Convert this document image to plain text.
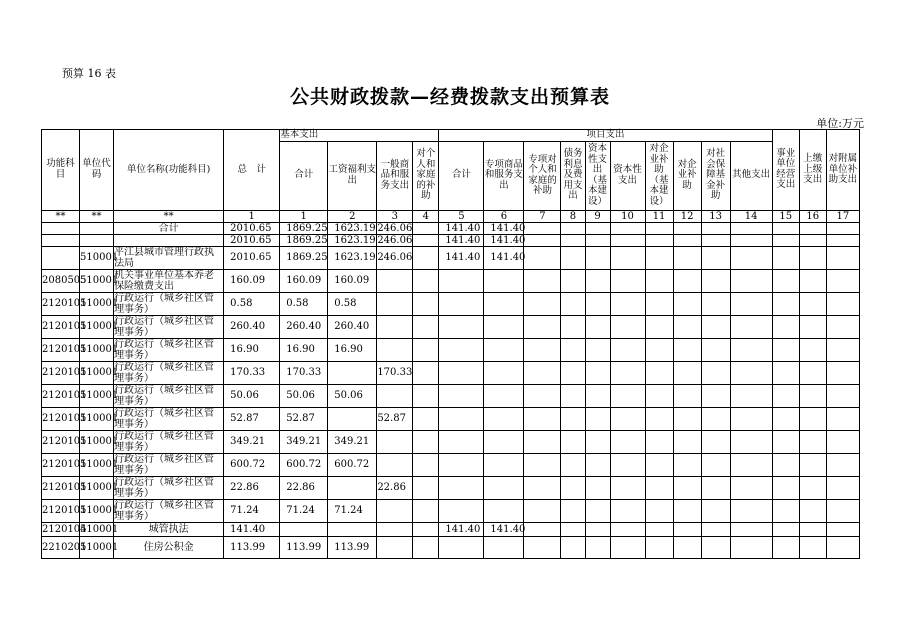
预算 16 表
公共财政拨款—经费拨款支出预算表
单位:万元
功能科目	单位代码	单位名称(功能科目)	总　计	基本支出				项目支出										事业单位经营支出	上缴上级支出	对附属单位补助支出
				合计	工资福利支出	一般商品和服务支出	对个人和家庭的补助	合计	专项商品和服务支出	专项对个人和家庭的补助	债务利息及费用支出	资本性支出（基本建设）	资本性支出	对企业补助（基本建设）	对企业补助	对社会保障基金补助	其他支出			
**	**	**	1	1	2	3	4	5	6	7	8	9	10	11	12	13	14	15	16	17
		合计	2010.65	1869.25	1623.19	246.06		141.40	141.40											
			2010.65	1869.25	1623.19	246.06		141.40	141.40											
	510001	平江县城市管理行政执法局	2010.65	1869.25	1623.19	246.06		141.40	141.40											
2080505	510001	机关事业单位基本养老保险缴费支出	160.09	160.09	160.09															
2120101	510001	行政运行（城乡社区管理事务）	0.58	0.58	0.58															
2120101	510001	行政运行（城乡社区管理事务）	260.40	260.40	260.40															
2120101	510001	行政运行（城乡社区管理事务）	16.90	16.90	16.90															
2120101	510001	行政运行（城乡社区管理事务）	170.33	170.33		170.33														
2120101	510001	行政运行（城乡社区管理事务）	50.06	50.06	50.06															
2120101	510001	行政运行（城乡社区管理事务）	52.87	52.87		52.87														
2120101	510001	行政运行（城乡社区管理事务）	349.21	349.21	349.21															
2120101	510001	行政运行（城乡社区管理事务）	600.72	600.72	600.72															
2120101	510001	行政运行（城乡社区管理事务）	22.86	22.86		22.86														
2120101	510001	行政运行（城乡社区管理事务）	71.24	71.24	71.24															
2120104	510001	城管执法	141.40					141.40	141.40											
2210201	510001	住房公积金	113.99	113.99	113.99															
